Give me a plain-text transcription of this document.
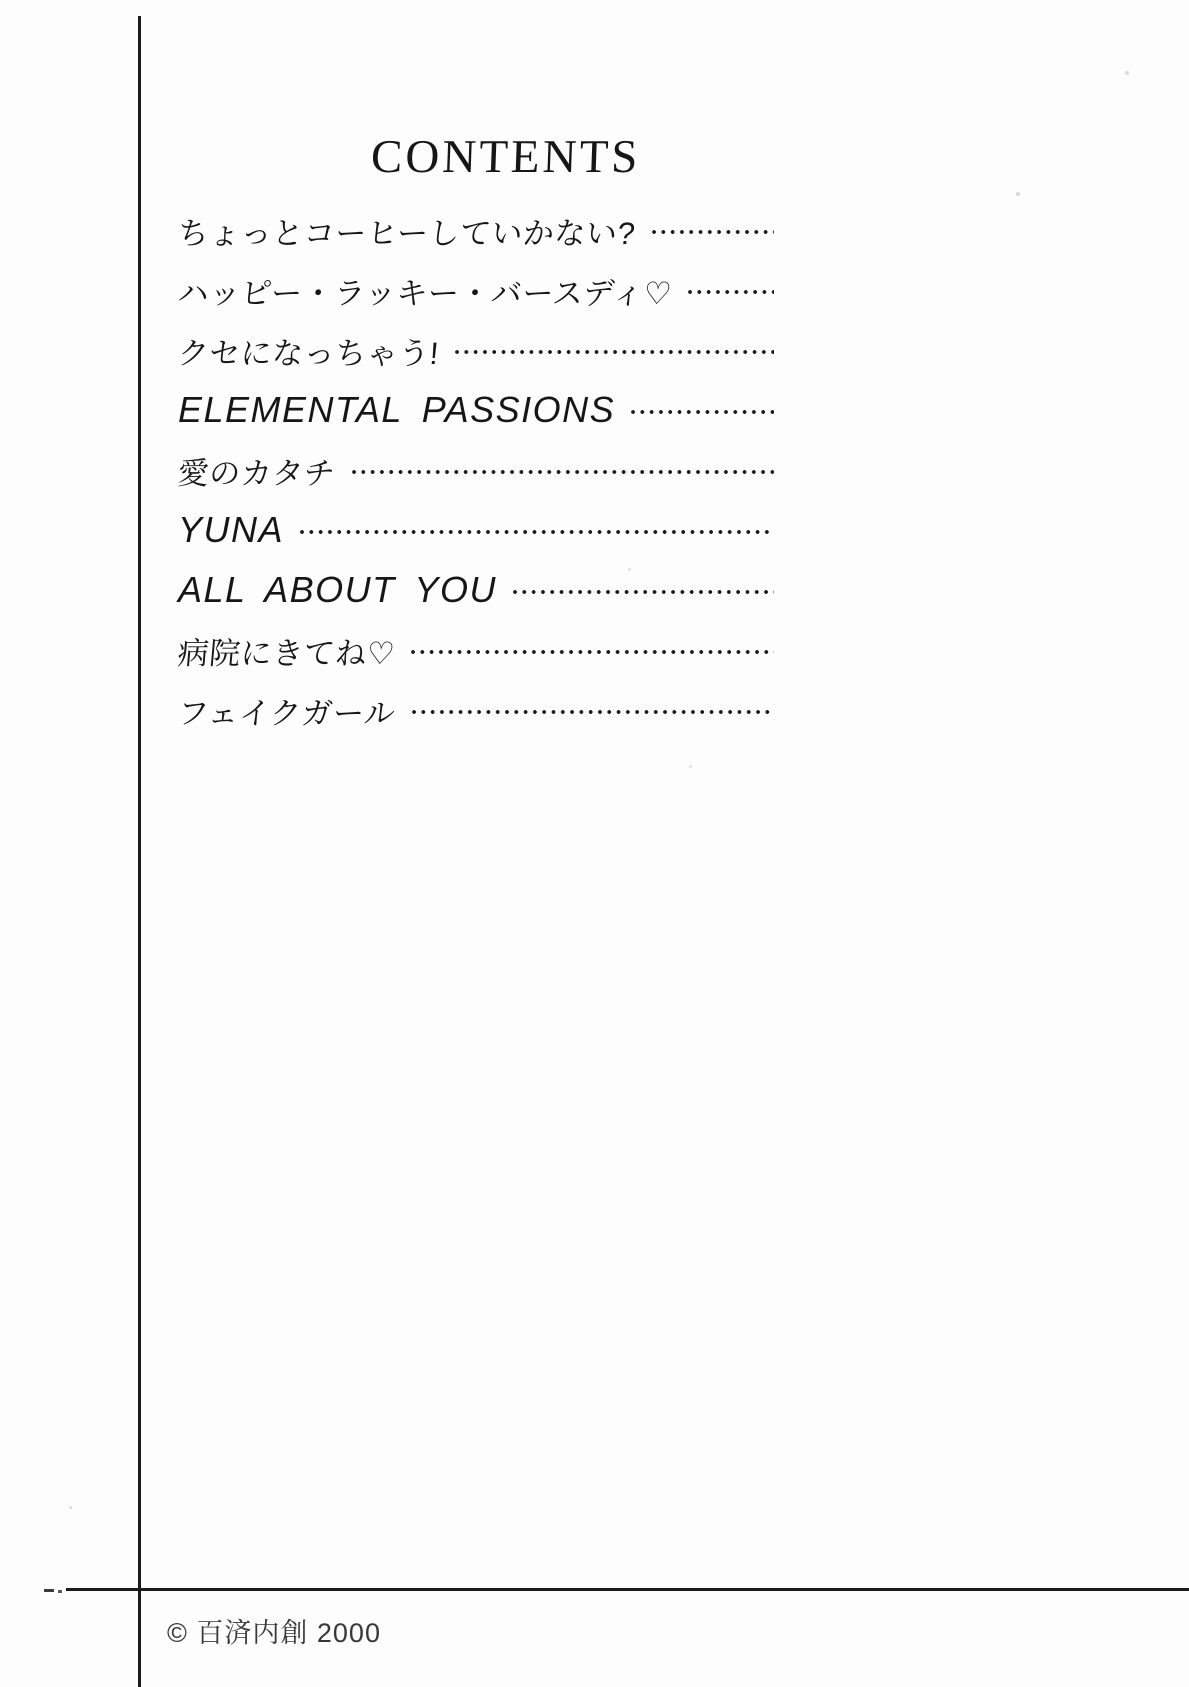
CONTENTS
ちょっとコーヒーしていかない?
ハッピー・ラッキー・バースディ♡
クセになっちゃう!
ELEMENTAL PASSIONS
愛のカタチ
YUNA
ALL ABOUT YOU
病院にきてね♡
フェイクガール
© 百済内創 2000
